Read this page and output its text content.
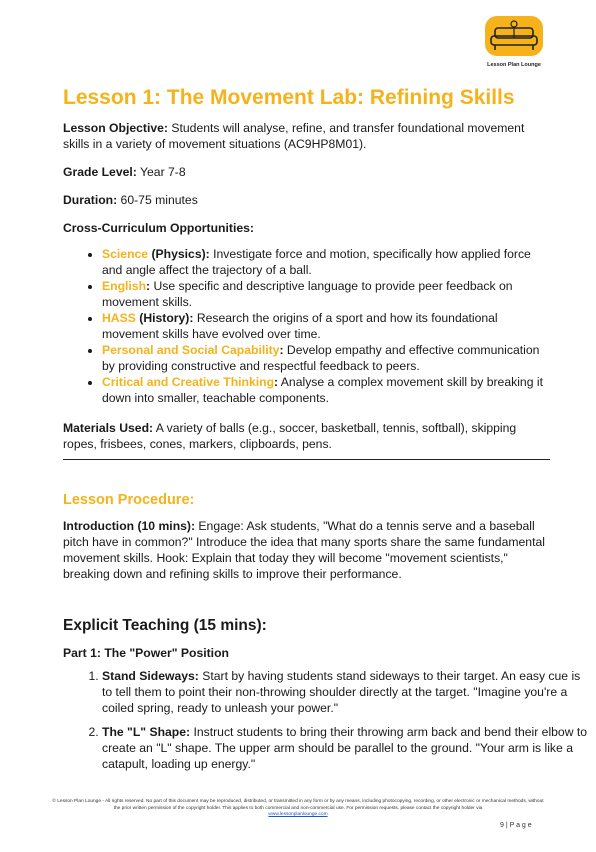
Lesson Plan Lounge
Lesson 1: The Movement Lab: Refining Skills

Lesson Objective: Students will analyse, refine, and transfer foundational movement skills in a variety of movement situations (AC9HP8M01).

Grade Level: Year 7-8

Duration: 60-75 minutes

Cross-Curriculum Opportunities:

• Science (Physics): Investigate force and motion, specifically how applied force and angle affect the trajectory of a ball.
• English: Use specific and descriptive language to provide peer feedback on movement skills.
• HASS (History): Research the origins of a sport and how its foundational movement skills have evolved over time.
• Personal and Social Capability: Develop empathy and effective communication by providing constructive and respectful feedback to peers.
• Critical and Creative Thinking: Analyse a complex movement skill by breaking it down into smaller, teachable components.

Materials Used: A variety of balls (e.g., soccer, basketball, tennis, softball), skipping ropes, frisbees, cones, markers, clipboards, pens.

Lesson Procedure:

Introduction (10 mins): Engage: Ask students, "What do a tennis serve and a baseball pitch have in common?" Introduce the idea that many sports share the same fundamental movement skills. Hook: Explain that today they will become "movement scientists," breaking down and refining skills to improve their performance.

Explicit Teaching (15 mins):

Part 1: The "Power" Position

1. Stand Sideways: Start by having students stand sideways to their target. An easy cue is to tell them to point their non-throwing shoulder directly at the target. "Imagine you're a coiled spring, ready to unleash your power."
2. The "L" Shape: Instruct students to bring their throwing arm back and bend their elbow to create an "L" shape. The upper arm should be parallel to the ground. "Your arm is like a catapult, loading up energy."
© Lesson Plan Lounge - All rights reserved. No part of this document may be reproduced, distributed, or transmitted in any form or by any means, including photocopying, recording, or other electronic or mechanical methods, without the prior written permission of the copyright holder. This applies to both commercial and non-commercial use. For permission requests, please contact the copyright holder via
www.lessonplanlounge.com
9 | P a g e
